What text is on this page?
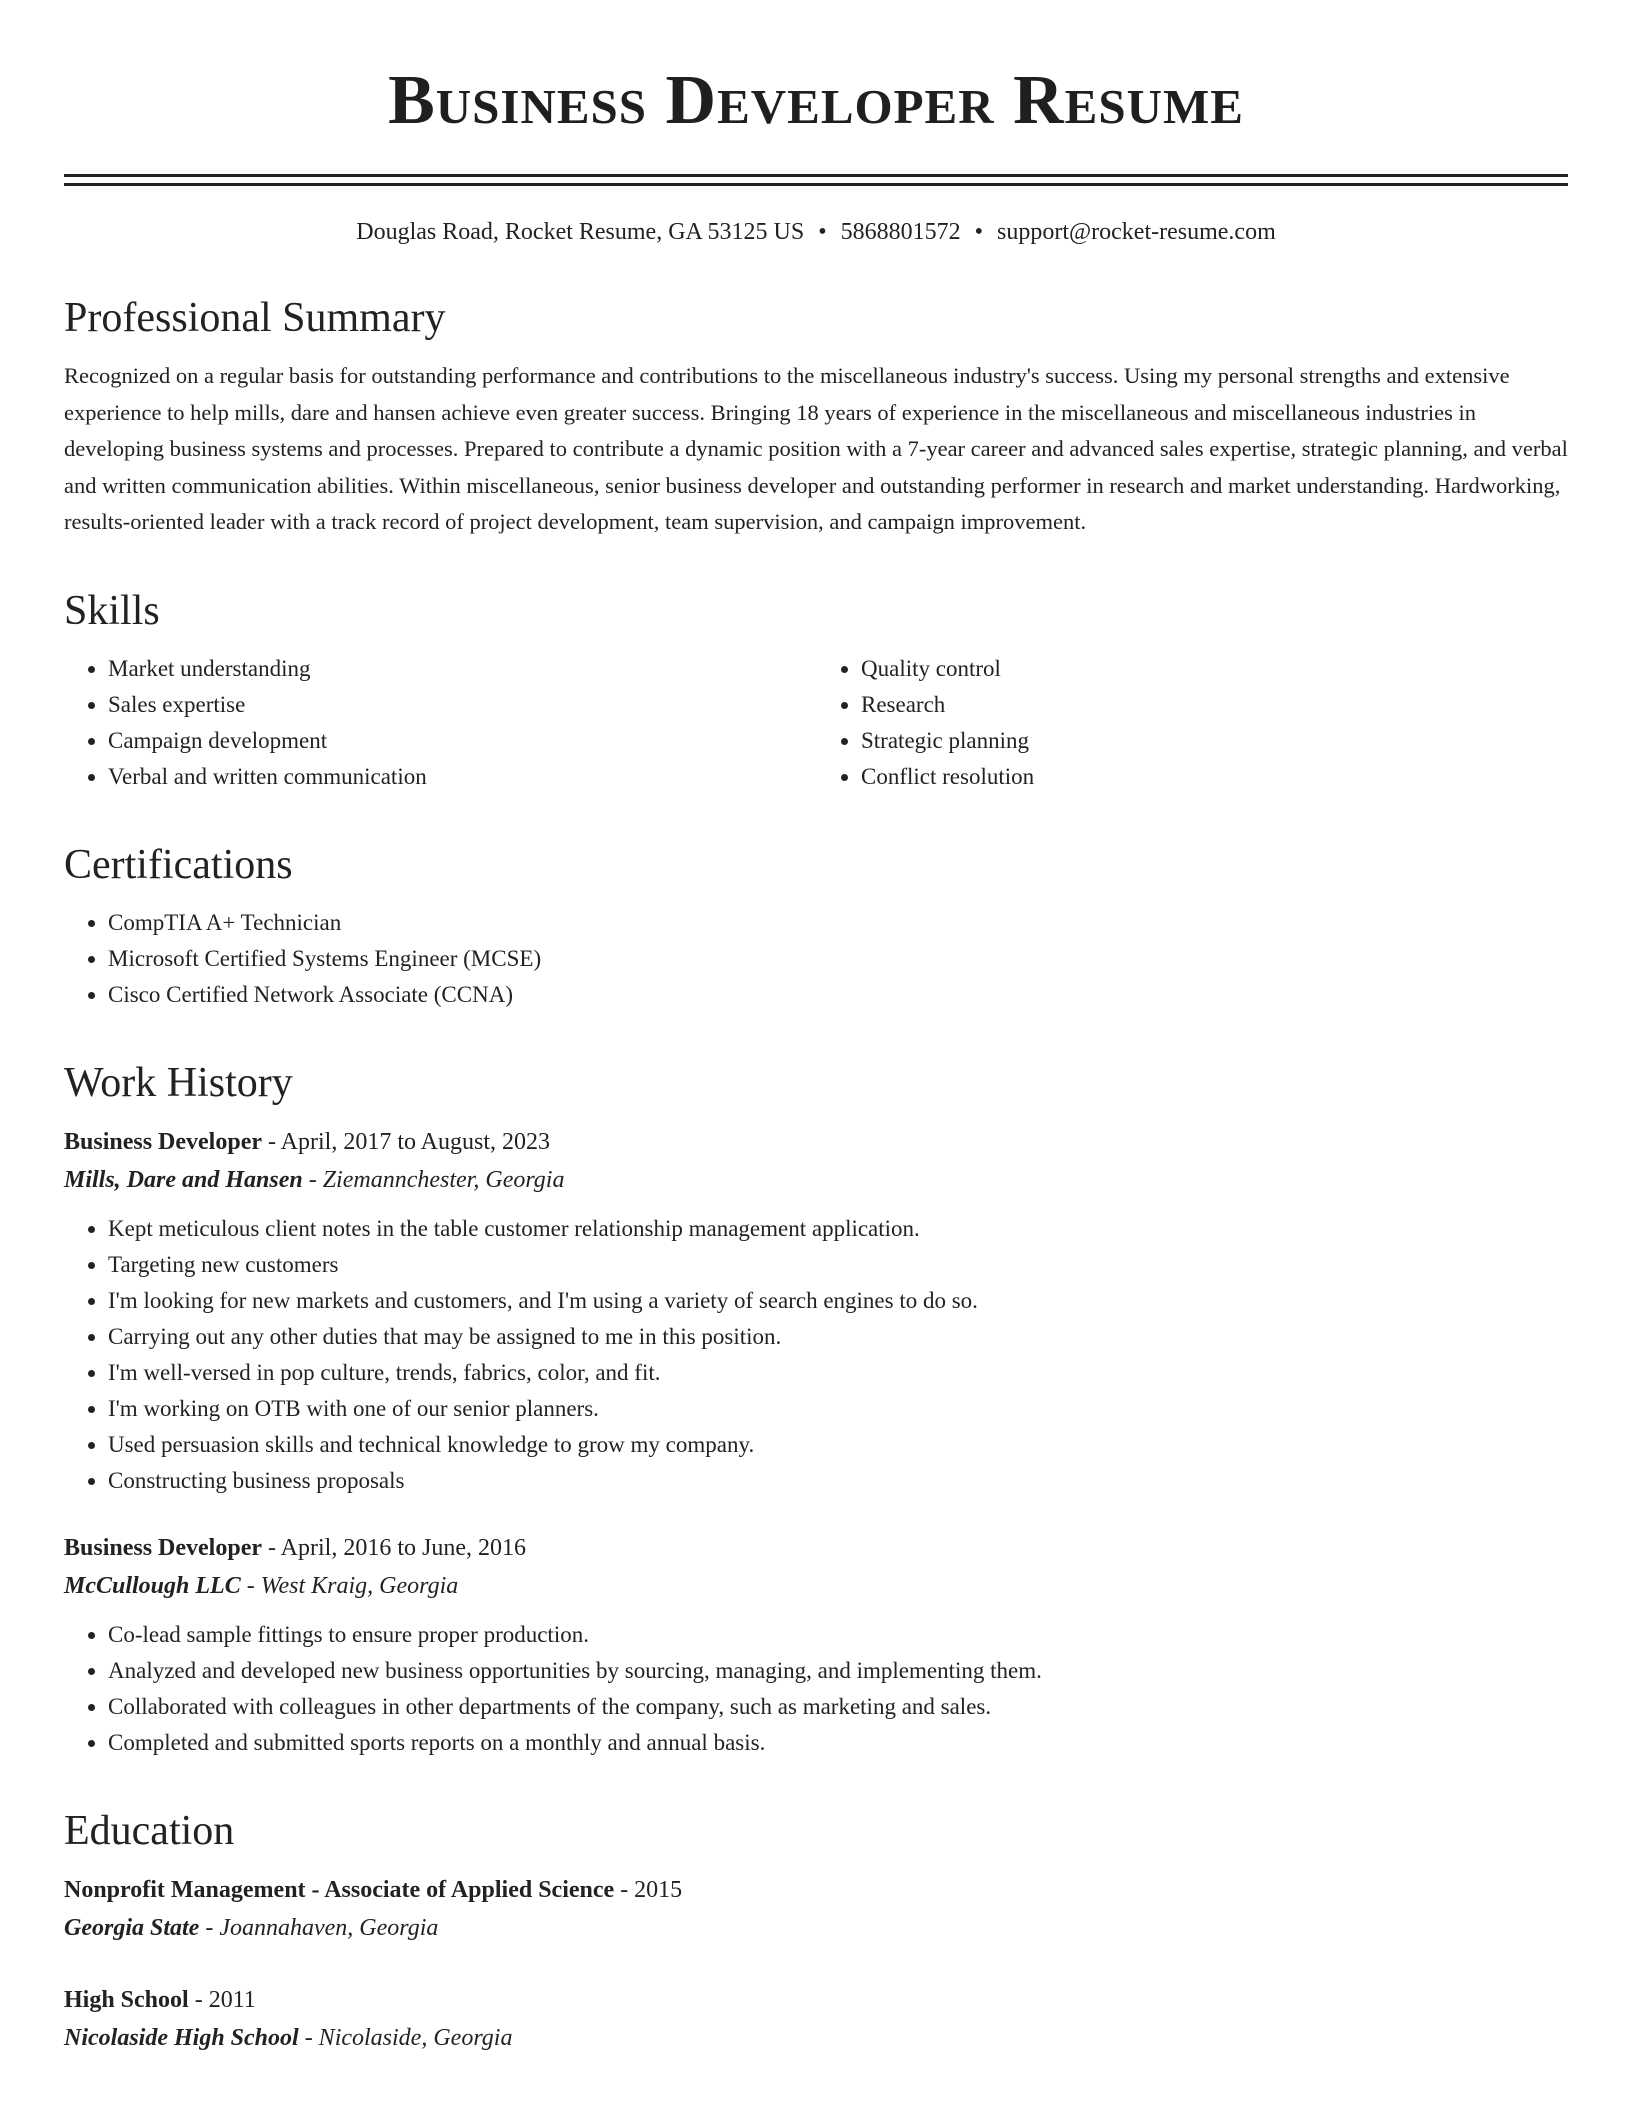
Business Developer Resume
Douglas Road, Rocket Resume, GA 53125 US • 5868801572 • support@rocket-resume.com
Professional Summary

Recognized on a regular basis for outstanding performance and contributions to the miscellaneous industry's success. Using my personal strengths and extensive experience to help mills, dare and hansen achieve even greater success. Bringing 18 years of experience in the miscellaneous and miscellaneous industries in developing business systems and processes. Prepared to contribute a dynamic position with a 7-year career and advanced sales expertise, strategic planning, and verbal and written communication abilities. Within miscellaneous, senior business developer and outstanding performer in research and market understanding. Hardworking, results-oriented leader with a track record of project development, team supervision, and campaign improvement.

Skills
• Market understanding
• Sales expertise
• Campaign development
• Verbal and written communication
• Quality control
• Research
• Strategic planning
• Conflict resolution
Certifications
• CompTIA A+ Technician
• Microsoft Certified Systems Engineer (MCSE)
• Cisco Certified Network Associate (CCNA)
Work History
Business Developer - April, 2017 to August, 2023
Mills, Dare and Hansen - Ziemannchester, Georgia
• Kept meticulous client notes in the table customer relationship management application.
• Targeting new customers
• I'm looking for new markets and customers, and I'm using a variety of search engines to do so.
• Carrying out any other duties that may be assigned to me in this position.
• I'm well-versed in pop culture, trends, fabrics, color, and fit.
• I'm working on OTB with one of our senior planners.
• Used persuasion skills and technical knowledge to grow my company.
• Constructing business proposals
Business Developer - April, 2016 to June, 2016
McCullough LLC - West Kraig, Georgia
• Co-lead sample fittings to ensure proper production.
• Analyzed and developed new business opportunities by sourcing, managing, and implementing them.
• Collaborated with colleagues in other departments of the company, such as marketing and sales.
• Completed and submitted sports reports on a monthly and annual basis.
Education
Nonprofit Management - Associate of Applied Science - 2015
Georgia State - Joannahaven, Georgia
High School - 2011
Nicolaside High School - Nicolaside, Georgia
